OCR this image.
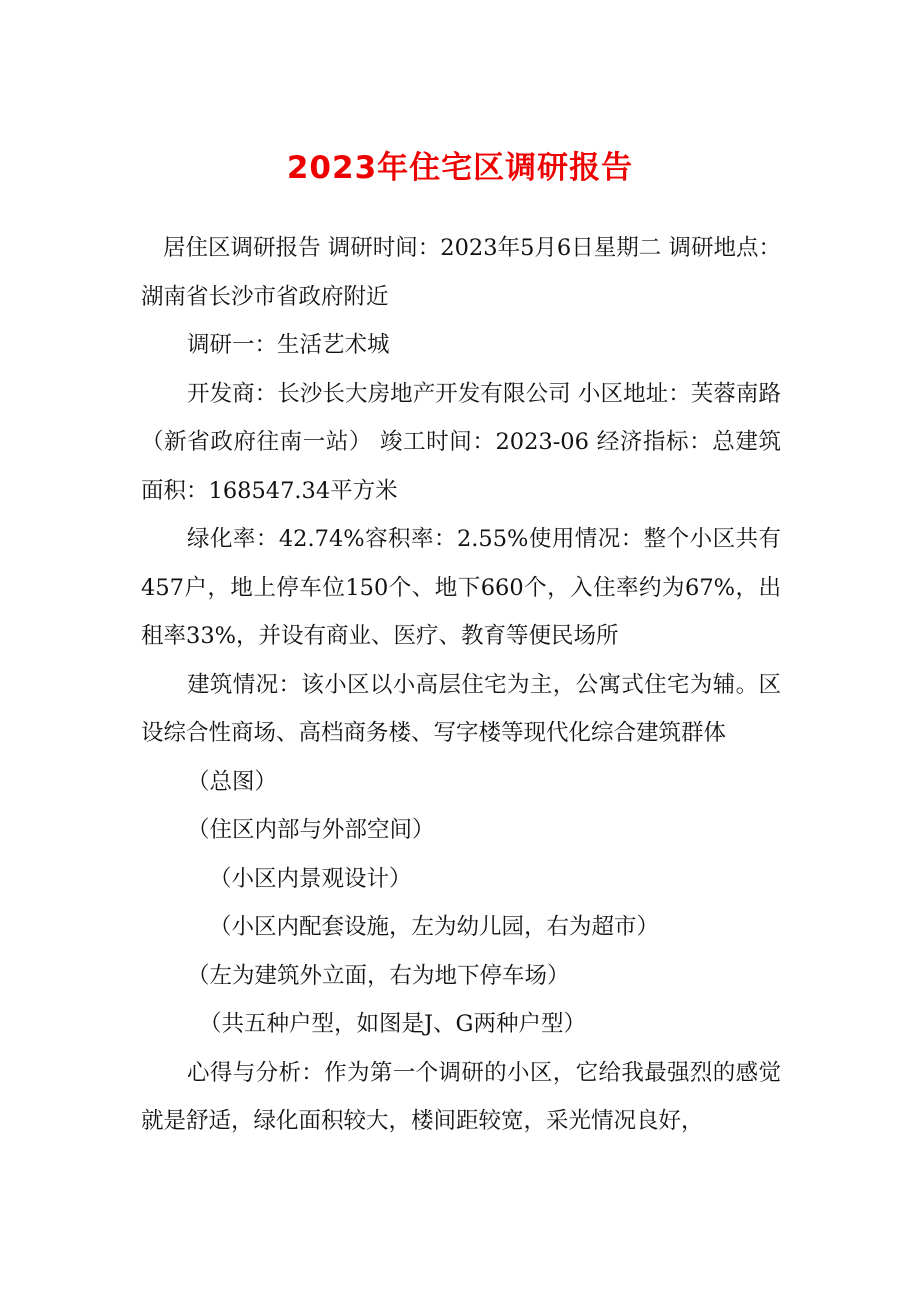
2023年住宅区调研报告

居住区调研报告 调研时间：2023年5月6日星期二 调研地点：湖南省长沙市省政府附近

调研一：生活艺术城

开发商：长沙长大房地产开发有限公司 小区地址：芙蓉南路（新省政府往南一站） 竣工时间：2023-06 经济指标：总建筑面积：168547.34平方米

绿化率：42.74%容积率：2.55%使用情况：整个小区共有457户，地上停车位150个、地下660个，入住率约为67%，出租率33%，并设有商业、医疗、教育等便民场所

建筑情况：该小区以小高层住宅为主，公寓式住宅为辅。区设综合性商场、高档商务楼、写字楼等现代化综合建筑群体

（总图）

（住区内部与外部空间）

（小区内景观设计）

（小区内配套设施，左为幼儿园，右为超市）

（左为建筑外立面，右为地下停车场）

（共五种户型，如图是J、G两种户型）

心得与分析：作为第一个调研的小区，它给我最强烈的感觉就是舒适，绿化面积较大，楼间距较宽，采光情况良好，
